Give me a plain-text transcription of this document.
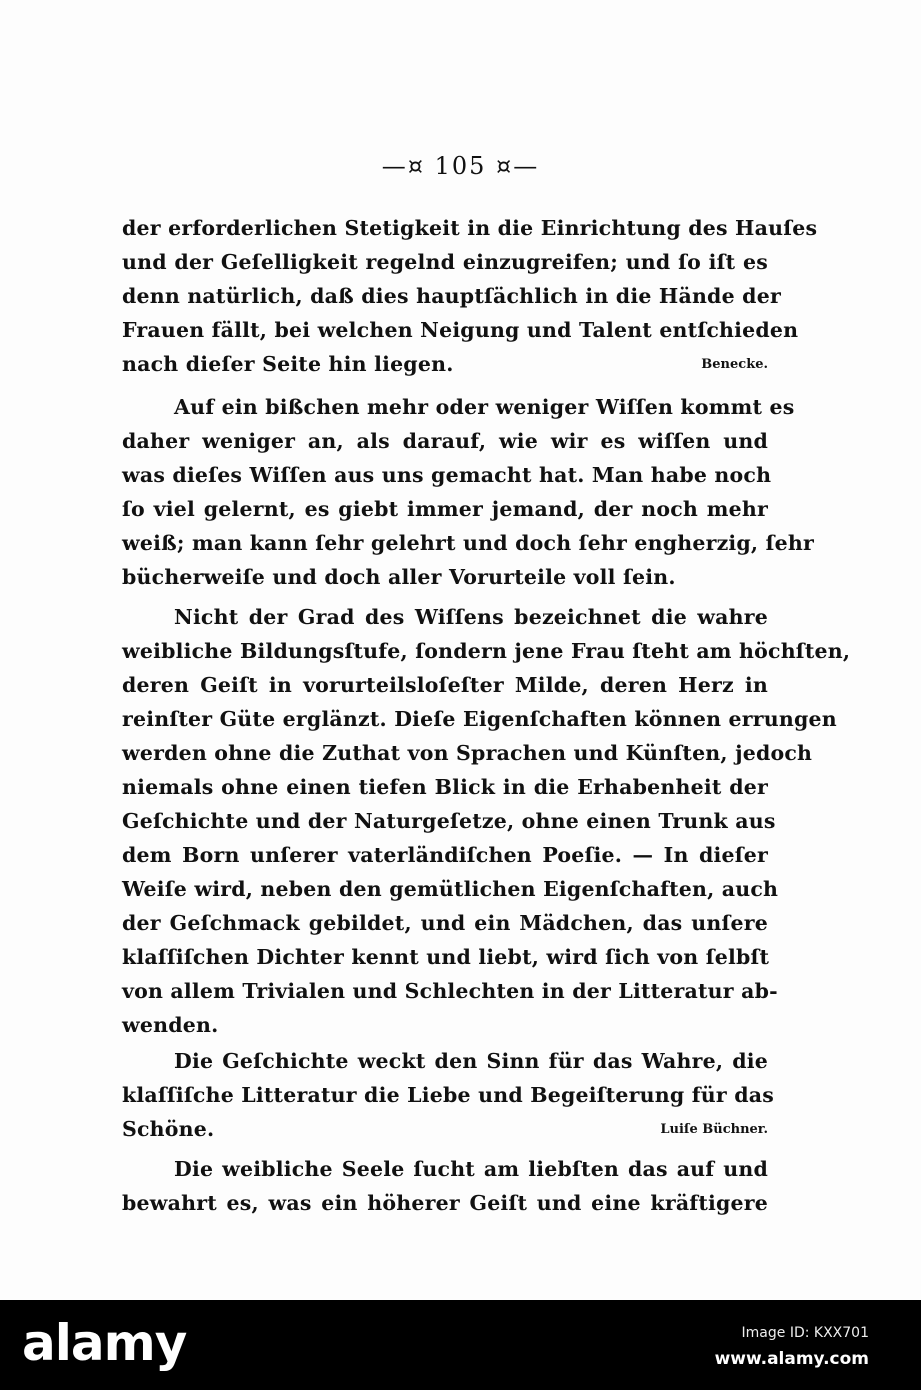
—¤ 105 ¤—
der erforderlichen Stetigkeit in die Einrichtung des Hauſes
und der Geſelligkeit regelnd einzugreifen; und ſo iſt es
denn natürlich, daß dies hauptſächlich in die Hände der
Frauen fällt, bei welchen Neigung und Talent entſchieden
nach dieſer Seite hin liegen.	Benecke.
Auf ein bißchen mehr oder weniger Wiſſen kommt es
daher weniger an, als darauf, wie wir es wiſſen und
was dieſes Wiſſen aus uns gemacht hat. Man habe noch
ſo viel gelernt, es giebt immer jemand, der noch mehr
weiß; man kann ſehr gelehrt und doch ſehr engherzig, ſehr
bücherweiſe und doch aller Vorurteile voll ſein.
Nicht der Grad des Wiſſens bezeichnet die wahre
weibliche Bildungsſtufe, ſondern jene Frau ſteht am höchſten,
deren Geiſt in vorurteilsloſeſter Milde, deren Herz in
reinſter Güte erglänzt. Dieſe Eigenſchaften können errungen
werden ohne die Zuthat von Sprachen und Künſten, jedoch
niemals ohne einen tiefen Blick in die Erhabenheit der
Geſchichte und der Naturgeſetze, ohne einen Trunk aus
dem Born unſerer vaterländiſchen Poeſie. — In dieſer
Weiſe wird, neben den gemütlichen Eigenſchaften, auch
der Geſchmack gebildet, und ein Mädchen, das unſere
klaſſiſchen Dichter kennt und liebt, wird ſich von ſelbſt
von allem Trivialen und Schlechten in der Litteratur ab-
wenden.
Die Geſchichte weckt den Sinn für das Wahre, die
klaſſiſche Litteratur die Liebe und Begeiſterung für das
Schöne.	Luiſe Büchner.
Die weibliche Seele ſucht am liebſten das auf und
bewahrt es, was ein höherer Geiſt und eine kräftigere
alamy	Image ID: KXX701
www.alamy.com
